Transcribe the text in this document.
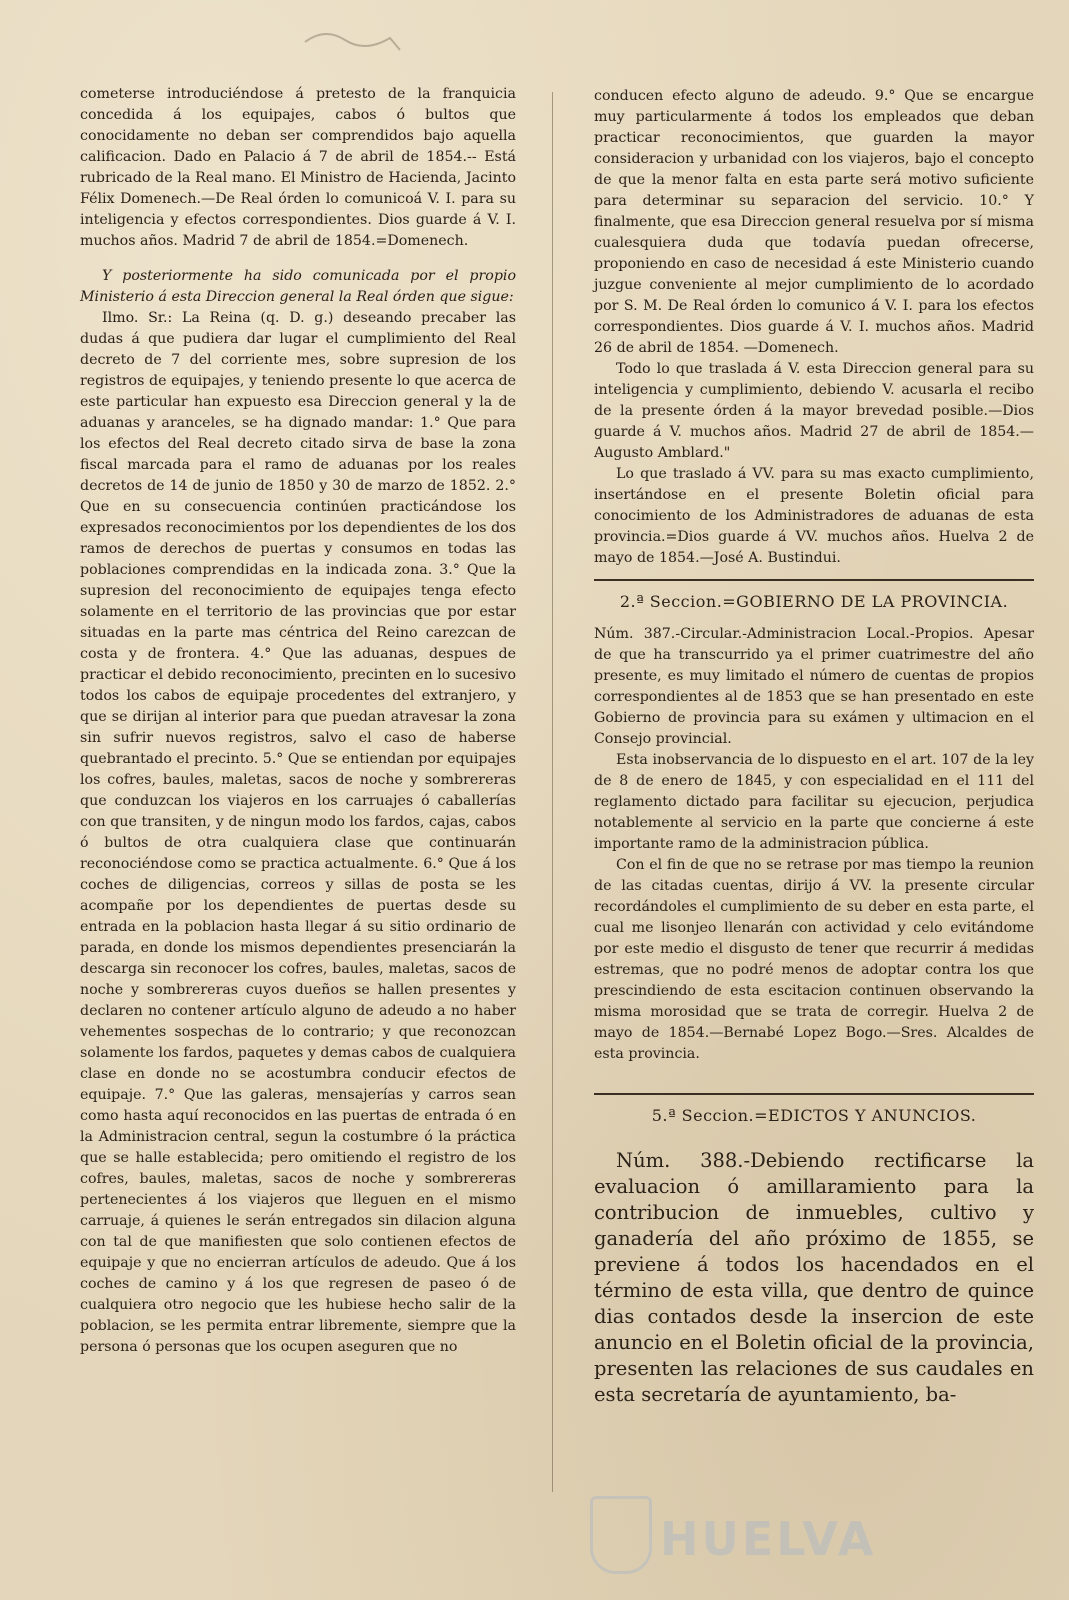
cometerse introduciéndose á pretesto de la franquicia concedida á los equipajes, cabos ó bultos que conocidamente no deban ser comprendidos bajo aquella calificacion. Dado en Palacio á 7 de abril de 1854.-- Está rubricado de la Real mano. El Ministro de Hacienda, Jacinto Félix Domenech.—De Real órden lo comunicoá V. I. para su inteligencia y efectos correspondientes. Dios guarde á V. I. muchos años. Madrid 7 de abril de 1854.=Domenech.

Y posteriormente ha sido comunicada por el propio Ministerio á esta Direccion general la Real órden que sigue:

Ilmo. Sr.: La Reina (q. D. g.) deseando precaber las dudas á que pudiera dar lugar el cumplimiento del Real decreto de 7 del corriente mes, sobre supresion de los registros de equipajes, y teniendo presente lo que acerca de este particular han expuesto esa Direccion general y la de aduanas y aranceles, se ha dignado mandar: 1.° Que para los efectos del Real decreto citado sirva de base la zona fiscal marcada para el ramo de aduanas por los reales decretos de 14 de junio de 1850 y 30 de marzo de 1852. 2.° Que en su consecuencia continúen practicándose los expresados reconocimientos por los dependientes de los dos ramos de derechos de puertas y consumos en todas las poblaciones comprendidas en la indicada zona. 3.° Que la supresion del reconocimiento de equipajes tenga efecto solamente en el territorio de las provincias que por estar situadas en la parte mas céntrica del Reino carezcan de costa y de frontera. 4.° Que las aduanas, despues de practicar el debido reconocimiento, precinten en lo sucesivo todos los cabos de equipaje procedentes del extranjero, y que se dirijan al interior para que puedan atravesar la zona sin sufrir nuevos registros, salvo el caso de haberse quebrantado el precinto. 5.° Que se entiendan por equipajes los cofres, baules, maletas, sacos de noche y sombrereras que conduzcan los viajeros en los carruajes ó caballerías con que transiten, y de ningun modo los fardos, cajas, cabos ó bultos de otra cualquiera clase que continuarán reconociéndose como se practica actualmente. 6.° Que á los coches de diligencias, correos y sillas de posta se les acompañe por los dependientes de puertas desde su entrada en la poblacion hasta llegar á su sitio ordinario de parada, en donde los mismos dependientes presenciarán la descarga sin reconocer los cofres, baules, maletas, sacos de noche y sombrereras cuyos dueños se hallen presentes y declaren no contener artículo alguno de adeudo a no haber vehementes sospechas de lo contrario; y que reconozcan solamente los fardos, paquetes y demas cabos de cualquiera clase en donde no se acostumbra conducir efectos de equipaje. 7.° Que las galeras, mensajerías y carros sean como hasta aquí reconocidos en las puertas de entrada ó en la Administracion central, segun la costumbre ó la práctica que se halle establecida; pero omitiendo el registro de los cofres, baules, maletas, sacos de noche y sombrereras pertenecientes á los viajeros que lleguen en el mismo carruaje, á quienes le serán entregados sin dilacion alguna con tal de que manifiesten que solo contienen efectos de equipaje y que no encierran artículos de adeudo. Que á los coches de camino y á los que regresen de paseo ó de cualquiera otro negocio que les hubiese hecho salir de la poblacion, se les permita entrar libremente, siempre que la persona ó personas que los ocupen aseguren que no

conducen efecto alguno de adeudo. 9.° Que se encargue muy particularmente á todos los empleados que deban practicar reconocimientos, que guarden la mayor consideracion y urbanidad con los viajeros, bajo el concepto de que la menor falta en esta parte será motivo suficiente para determinar su separacion del servicio. 10.° Y finalmente, que esa Direccion general resuelva por sí misma cualesquiera duda que todavía puedan ofrecerse, proponiendo en caso de necesidad á este Ministerio cuando juzgue conveniente al mejor cumplimiento de lo acordado por S. M. De Real órden lo comunico á V. I. para los efectos correspondientes. Dios guarde á V. I. muchos años. Madrid 26 de abril de 1854. —Domenech.

Todo lo que traslada á V. esta Direccion general para su inteligencia y cumplimiento, debiendo V. acusarla el recibo de la presente órden á la mayor brevedad posible.—Dios guarde á V. muchos años. Madrid 27 de abril de 1854.—Augusto Amblard."

Lo que traslado á VV. para su mas exacto cumplimiento, insertándose en el presente Boletin oficial para conocimiento de los Administradores de aduanas de esta provincia.=Dios guarde á VV. muchos años. Huelva 2 de mayo de 1854.—José A. Bustindui.

2.ª Seccion.=GOBIERNO DE LA PROVINCIA.

Núm. 387.-Circular.-Administracion Local.-Propios. Apesar de que ha transcurrido ya el primer cuatrimestre del año presente, es muy limitado el número de cuentas de propios correspondientes al de 1853 que se han presentado en este Gobierno de provincia para su exámen y ultimacion en el Consejo provincial.

Esta inobservancia de lo dispuesto en el art. 107 de la ley de 8 de enero de 1845, y con especialidad en el 111 del reglamento dictado para facilitar su ejecucion, perjudica notablemente al servicio en la parte que concierne á este importante ramo de la administracion pública.

Con el fin de que no se retrase por mas tiempo la reunion de las citadas cuentas, dirijo á VV. la presente circular recordándoles el cumplimiento de su deber en esta parte, el cual me lisonjeo llenarán con actividad y celo evitándome por este medio el disgusto de tener que recurrir á medidas estremas, que no podré menos de adoptar contra los que prescindiendo de esta escitacion continuen observando la misma morosidad que se trata de corregir. Huelva 2 de mayo de 1854.—Bernabé Lopez Bogo.—Sres. Alcaldes de esta provincia.

5.ª Seccion.=EDICTOS Y ANUNCIOS.

Núm. 388.-Debiendo rectificarse la evaluacion ó amillaramiento para la contribucion de inmuebles, cultivo y ganadería del año próximo de 1855, se previene á todos los hacendados en el término de esta villa, que dentro de quince dias contados desde la insercion de este anuncio en el Boletin oficial de la provincia, presenten las relaciones de sus caudales en esta secretaría de ayuntamiento, ba-

HUELVA
